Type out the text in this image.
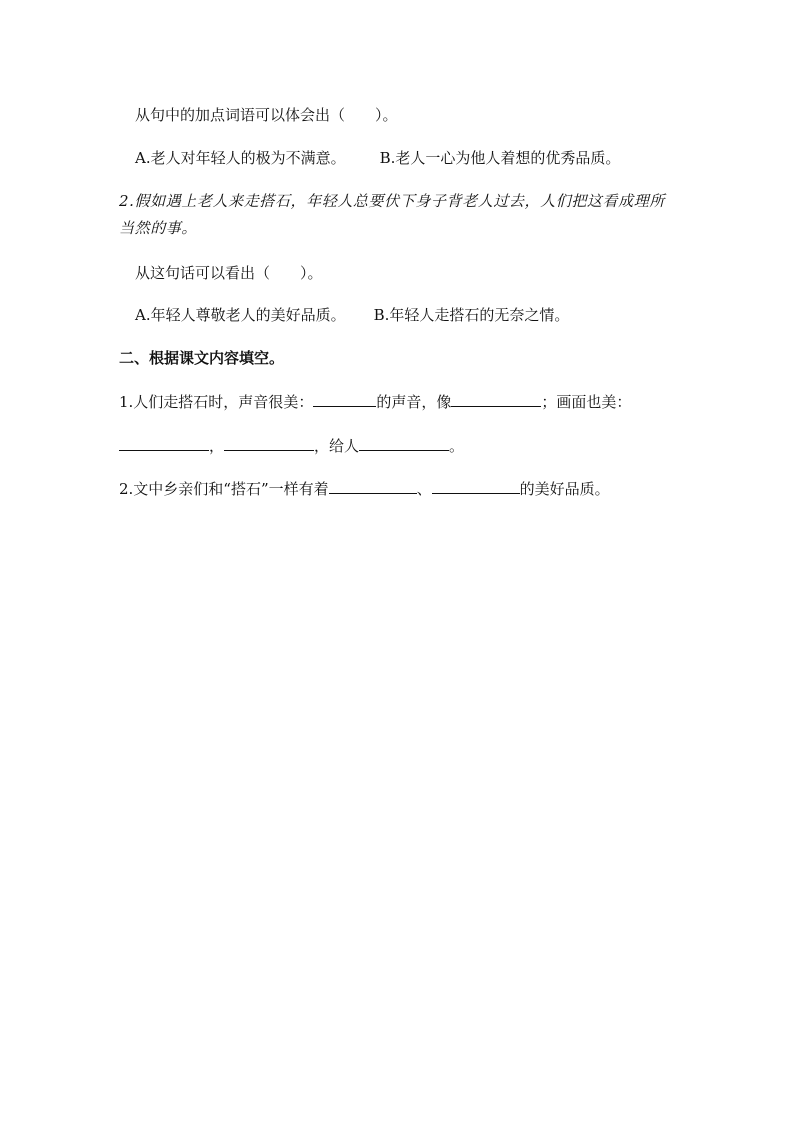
从句中的加点词语可以体会出（　　）。
A.老人对年轻人的极为不满意。 B.老人一心为他人着想的优秀品质。
2.假如遇上老人来走搭石，年轻人总要伏下身子背老人过去，人们把这看成理所
当然的事。
从这句话可以看出（　　）。
A.年轻人尊敬老人的美好品质。 B.年轻人走搭石的无奈之情。
二、根据课文内容填空。
1.人们走搭石时，声音很美：	的声音，像	；画面也美：
，	，给人	。
2.文中乡亲们和“搭石”一样有着	、	的美好品质。
